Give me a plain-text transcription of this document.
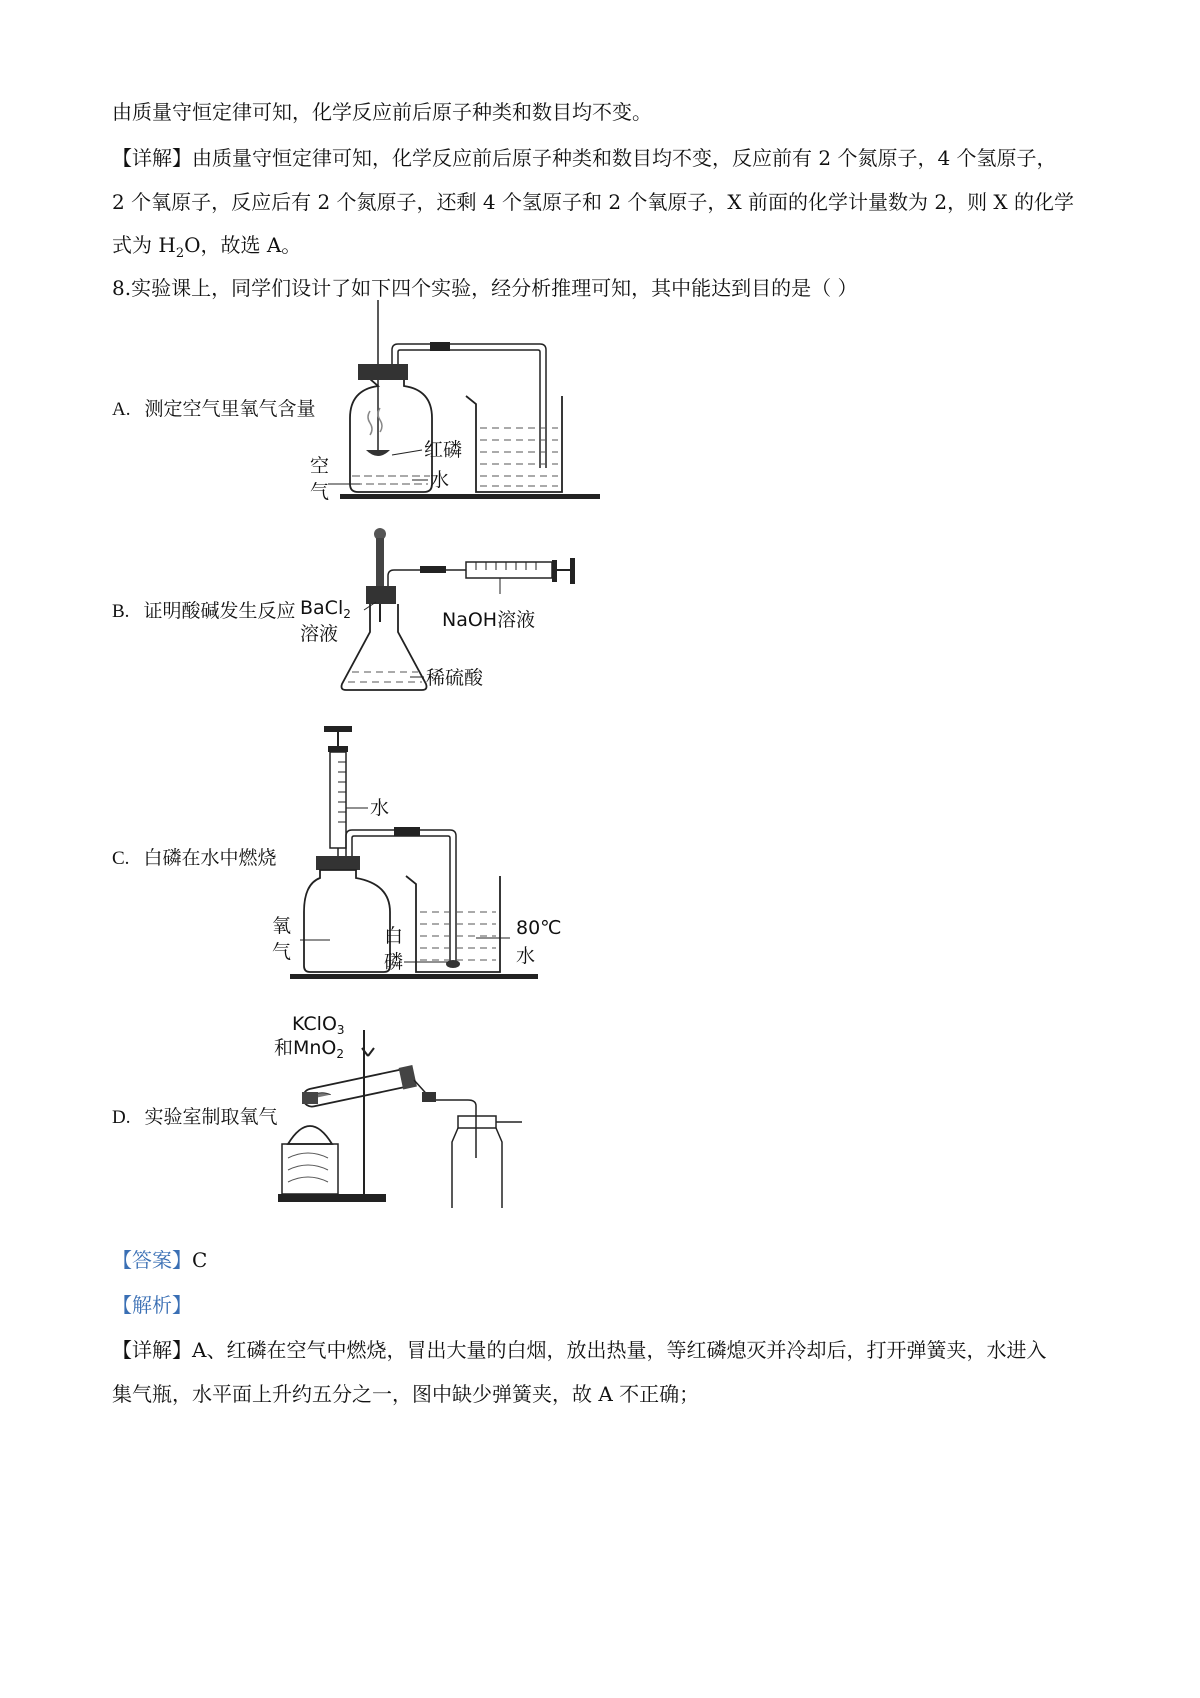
由质量守恒定律可知，化学反应前后原子种类和数目均不变。
【详解】由质量守恒定律可知，化学反应前后原子种类和数目均不变，反应前有 2 个氮原子，4 个氢原子，
2 个氧原子，反应后有 2 个氮原子，还剩 4 个氢原子和 2 个氧原子，X 前面的化学计量数为 2，则 X 的化学
式为 $H_2O$，故选 A。
8.实验课上，同学们设计了如下四个实验，经分析推理可知，其中能达到目的是（ ）
A. 测定空气里氧气含量
B. 证明酸碱发生反应
C. 白磷在水中燃烧
D. 实验室制取氧气
红磷
水
空
气
NaOH溶液
BaCl$_2$
溶液
稀硫酸
水
氧
气
白
磷
80℃
水
KClO$_3$
和MnO$_2$
【答案】C
【解析】
【详解】A、红磷在空气中燃烧，冒出大量的白烟，放出热量，等红磷熄灭并冷却后，打开弹簧夹，水进入
集气瓶，水平面上升约五分之一，图中缺少弹簧夹，故 A 不正确；
